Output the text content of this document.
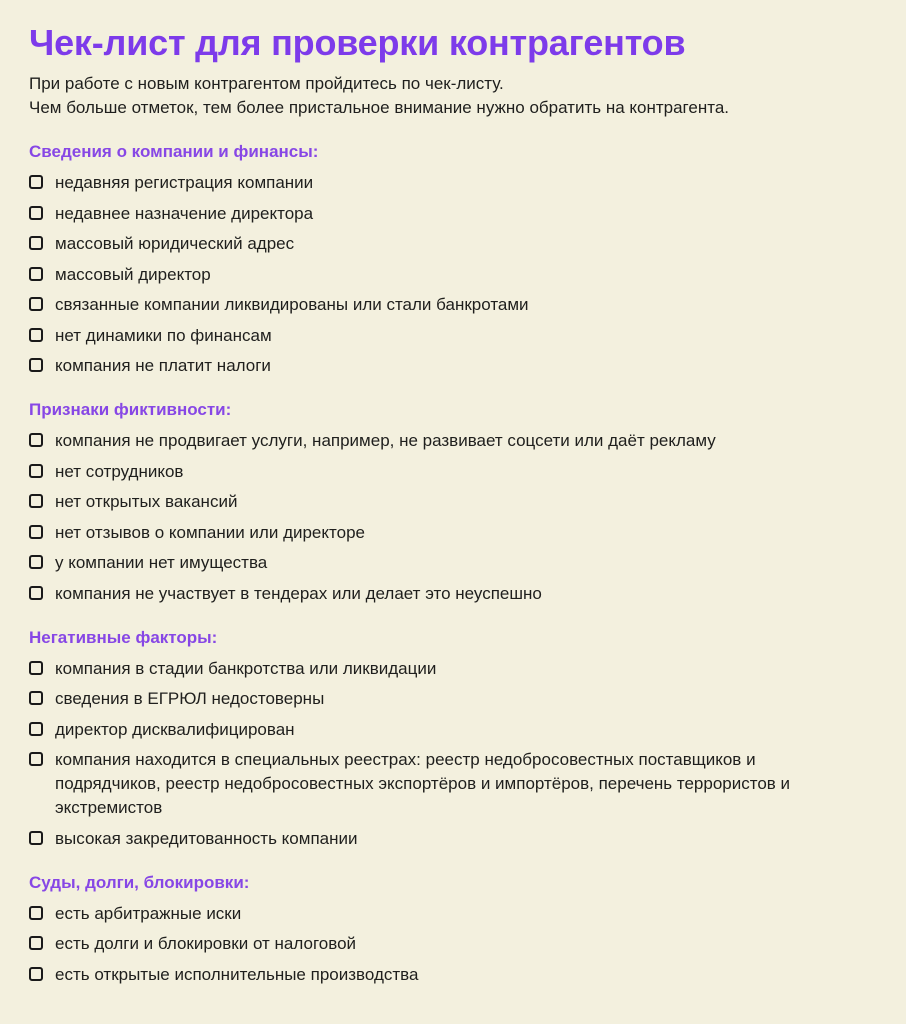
Чек-лист для проверки контрагентов
При работе с новым контрагентом пройдитесь по чек-листу.
Чем больше отметок, тем более пристальное внимание нужно обратить на контрагента.
Сведения о компании и финансы:
недавняя регистрация компании
недавнее назначение директора
массовый юридический адрес
массовый директор
связанные компании ликвидированы или стали банкротами
нет динамики по финансам
компания не платит налоги
Признаки фиктивности:
компания не продвигает услуги, например, не развивает соцсети или даёт рекламу
нет сотрудников
нет открытых вакансий
нет отзывов о компании или директоре
у компании нет имущества
компания не участвует в тендерах или делает это неуспешно
Негативные факторы:
компания в стадии банкротства или ликвидации
сведения в ЕГРЮЛ недостоверны
директор дисквалифицирован
компания находится в специальных реестрах: реестр недобросовестных поставщиков и подрядчиков, реестр недобросовестных экспортёров и импортёров, перечень террористов и экстремистов
высокая закредитованность компании
Суды, долги, блокировки:
есть арбитражные иски
есть долги и блокировки от налоговой
есть открытые исполнительные производства
